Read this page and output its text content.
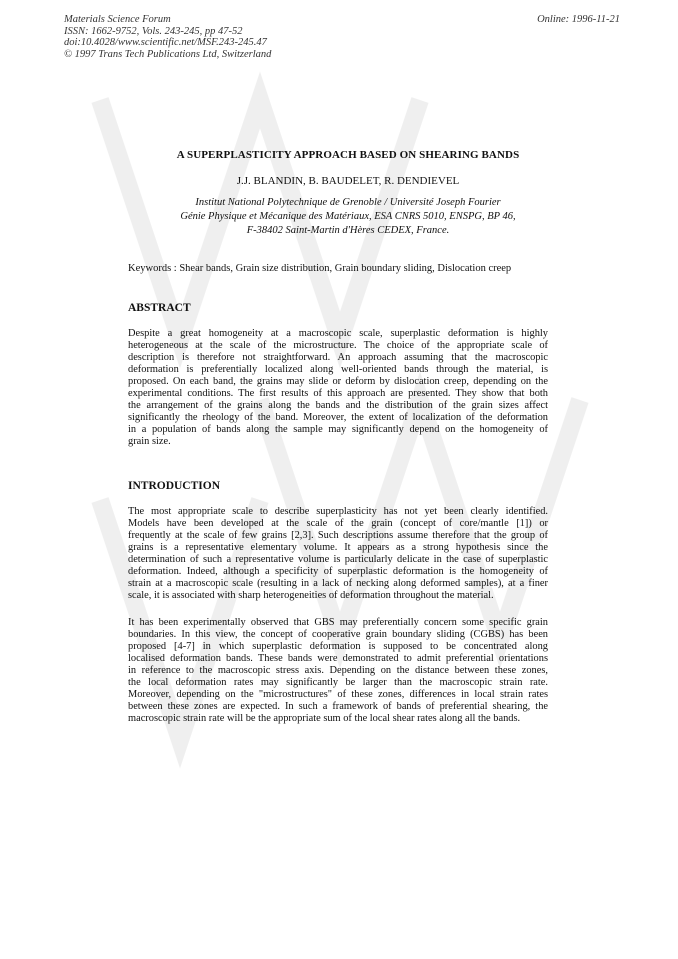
Materials Science Forum
ISSN: 1662-9752, Vols. 243-245, pp 47-52
doi:10.4028/www.scientific.net/MSF.243-245.47
© 1997 Trans Tech Publications Ltd, Switzerland
Online: 1996-11-21
A SUPERPLASTICITY APPROACH BASED ON SHEARING BANDS
J.J. BLANDIN, B. BAUDELET, R. DENDIEVEL
Institut National Polytechnique de Grenoble / Université Joseph Fourier
Génie Physique et Mécanique des Matériaux, ESA CNRS 5010, ENSPG, BP 46,
F-38402 Saint-Martin d'Hères CEDEX, France.
Keywords : Shear bands, Grain size distribution, Grain boundary sliding, Dislocation creep
ABSTRACT
Despite a great homogeneity at a macroscopic scale, superplastic deformation is highly
heterogeneous at the scale of the microstructure. The choice of the appropriate scale of
description is therefore not straightforward. An approach assuming that the macroscopic
deformation is preferentially localized along well-oriented bands through the material, is
proposed. On each band, the grains may slide or deform by dislocation creep, depending on the
experimental conditions. The first results of this approach are presented. They show that both
the arrangement of the grains along the bands and the distribution of the grain sizes affect
significantly the rheology of the band. Moreover, the extent of localization of the deformation
in a population of bands along the sample may significantly depend on the homogeneity of
grain size.
INTRODUCTION
The most appropriate scale to describe superplasticity has not yet been clearly identified.
Models have been developed at the scale of the grain (concept of core/mantle [1]) or
frequently at the scale of few grains [2,3]. Such descriptions assume therefore that the group of
grains is a representative elementary volume. It appears as a strong hypothesis since the
determination of such a representative volume is particularly delicate in the case of superplastic
deformation. Indeed, although a specificity of superplastic deformation is the homogeneity of
strain at a macroscopic scale (resulting in a lack of necking along deformed samples), at a finer
scale, it is associated with sharp heterogeneities of deformation throughout the material.
It has been experimentally observed that GBS may preferentially concern some specific grain
boundaries. In this view, the concept of cooperative grain boundary sliding (CGBS) has been
proposed [4-7] in which superplastic deformation is supposed to be concentrated along
localised deformation bands. These bands were demonstrated to admit preferential orientations
in reference to the macroscopic stress axis. Depending on the distance between these zones,
the local deformation rates may significantly be larger than the macroscopic strain rate.
Moreover, depending on the "microstructures" of these zones, differences in local strain rates
between these zones are expected. In such a framework of bands of preferential shearing, the
macroscopic strain rate will be the appropriate sum of the local shear rates along all the bands.
